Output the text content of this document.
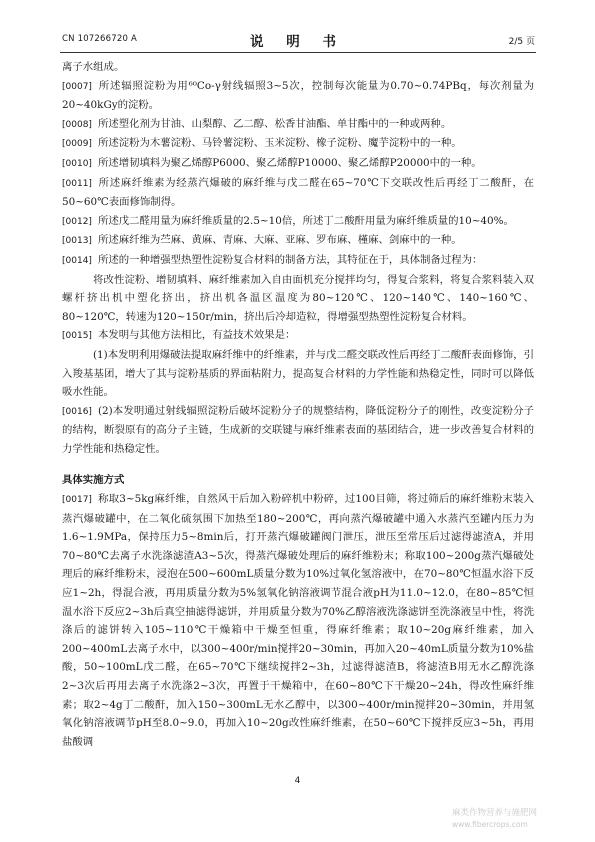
CN 107266720 A	说 明 书	2/5 页

离子水组成。

[0007] 所述辐照淀粉为用⁶⁰Co-γ射线辐照3~5次，控制每次能量为0.70~0.74PBq，每次剂量为20~40kGy的淀粉。

[0008] 所述塑化剂为甘油、山梨醇、乙二醇、松香甘油酯、单甘酯中的一种或两种。

[0009] 所述淀粉为木薯淀粉、马铃薯淀粉、玉米淀粉、橡子淀粉、魔芋淀粉中的一种。

[0010] 所述增韧填料为聚乙烯醇P6000、聚乙烯醇P10000、聚乙烯醇P20000中的一种。

[0011] 所述麻纤维素为经蒸汽爆破的麻纤维与戊二醛在65~70℃下交联改性后再经丁二酸酐，在50~60℃表面修饰制得。

[0012] 所述戊二醛用量为麻纤维质量的2.5~10倍，所述丁二酸酐用量为麻纤维质量的10~40%。

[0013] 所述麻纤维为苎麻、黄麻、青麻、大麻、亚麻、罗布麻、槿麻、剑麻中的一种。

[0014] 所述的一种增强型热塑性淀粉复合材料的制备方法，其特征在于，具体制备过程为：

将改性淀粉、增韧填料、麻纤维素加入自由面机充分搅拌均匀，得复合浆料，将复合浆料装入双螺杆挤出机中塑化挤出，挤出机各温区温度为80~120℃、120~140℃、140~160℃、80~120℃，转速为120~150r/min，挤出后冷却造粒，得增强型热塑性淀粉复合材料。

[0015] 本发明与其他方法相比，有益技术效果是：

(1)本发明利用爆破法提取麻纤维中的纤维素，并与戊二醛交联改性后再经丁二酸酐表面修饰，引入羧基基团，增大了其与淀粉基质的界面粘附力，提高复合材料的力学性能和热稳定性，同时可以降低吸水性能。

[0016] (2)本发明通过射线辐照淀粉后破坏淀粉分子的规整结构，降低淀粉分子的刚性，改变淀粉分子的结构，断裂原有的高分子主链，生成新的交联键与麻纤维素表面的基团结合，进一步改善复合材料的力学性能和热稳定性。

具体实施方式

[0017] 称取3~5kg麻纤维，自然风干后加入粉碎机中粉碎，过100目筛，将过筛后的麻纤维粉末装入蒸汽爆破罐中，在二氧化硫氛围下加热至180~200℃，再向蒸汽爆破罐中通入水蒸汽至罐内压力为1.6~1.9MPa，保持压力5~8min后，打开蒸汽爆破罐阀门泄压，泄压至常压后过滤得滤渣A，并用70~80℃去离子水洗涤滤渣A3~5次，得蒸汽爆破处理后的麻纤维粉末；称取100~200g蒸汽爆破处理后的麻纤维粉末，浸泡在500~600mL质量分数为10%过氧化氢溶液中，在70~80℃恒温水浴下反应1~2h，得混合液，再用质量分数为5%氢氧化钠溶液调节混合液pH为11.0~12.0，在80~85℃恒温水浴下反应2~3h后真空抽滤得滤饼，并用质量分数为70%乙醇溶液洗涤滤饼至洗涤液呈中性，将洗涤后的滤饼转入105~110℃干燥箱中干燥至恒重，得麻纤维素；取10~20g麻纤维素，加入200~400mL去离子水中，以300~400r/min搅拌20~30min，再加入20~40mL质量分数为10%盐酸，50~100mL戊二醛，在65~70℃下继续搅拌2~3h，过滤得滤渣B，将滤渣B用无水乙醇洗涤2~3次后再用去离子水洗涤2~3次，再置于干燥箱中，在60~80℃下干燥20~24h，得改性麻纤维素；取2~4g丁二酸酐，加入150~300mL无水乙醇中，以300~400r/min搅拌20~30min，并用氢氧化钠溶液调节pH至8.0~9.0，再加入10~20g改性麻纤维素，在50~60℃下搅拌反应3~5h，再用盐酸调

4
麻类作物营养与施肥网
www.fibercrops.com
